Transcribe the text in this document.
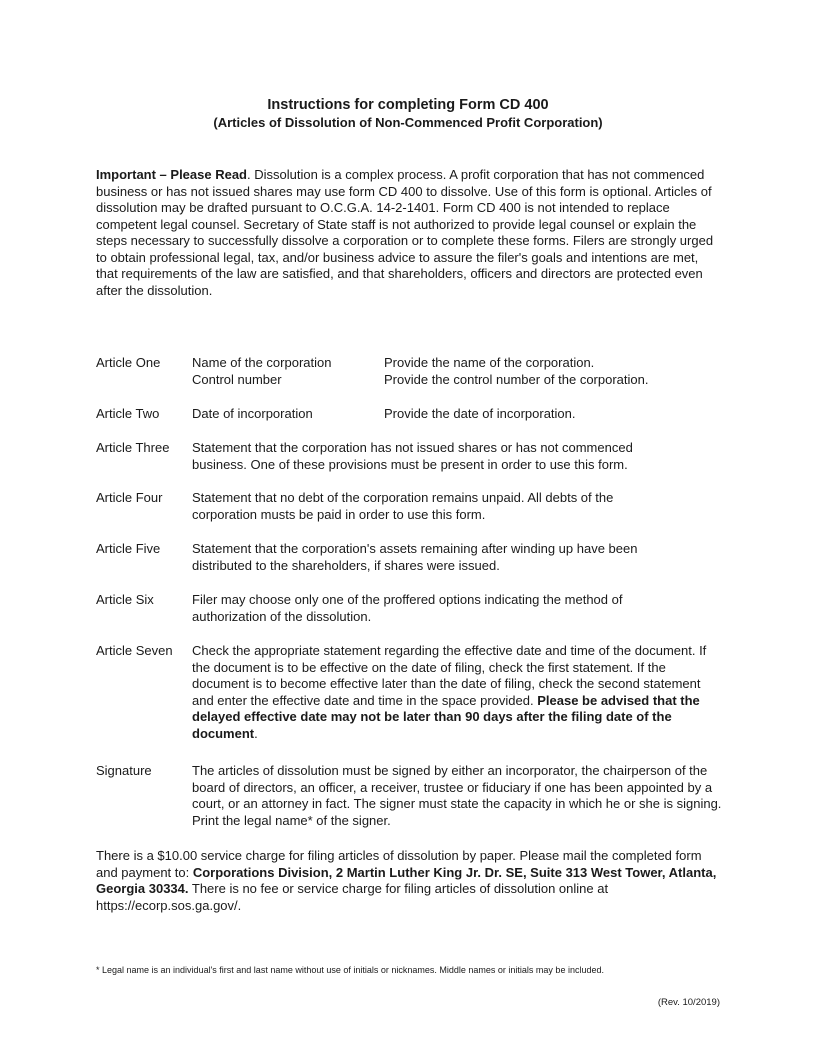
Instructions for completing Form CD 400
(Articles of Dissolution of Non-Commenced Profit Corporation)
Important – Please Read. Dissolution is a complex process. A profit corporation that has not commenced business or has not issued shares may use form CD 400 to dissolve. Use of this form is optional. Articles of dissolution may be drafted pursuant to O.C.G.A. 14-2-1401. Form CD 400 is not intended to replace competent legal counsel. Secretary of State staff is not authorized to provide legal counsel or explain the steps necessary to successfully dissolve a corporation or to complete these forms. Filers are strongly urged to obtain professional legal, tax, and/or business advice to assure the filer's goals and intentions are met, that requirements of the law are satisfied, and that shareholders, officers and directors are protected even after the dissolution.
Article One	Name of the corporation	Provide the name of the corporation.
Control number	Provide the control number of the corporation.
Article Two	Date of incorporation	Provide the date of incorporation.
Article Three	Statement that the corporation has not issued shares or has not commenced
business. One of these provisions must be present in order to use this form.
Article Four	Statement that no debt of the corporation remains unpaid. All debts of the
corporation musts be paid in order to use this form.
Article Five	Statement that the corporation's assets remaining after winding up have been
distributed to the shareholders, if shares were issued.
Article Six	Filer may choose only one of the proffered options indicating the method of
authorization of the dissolution.
Article Seven	Check the appropriate statement regarding the effective date and time of the document. If the document is to be effective on the date of filing, check the first statement. If the document is to become effective later than the date of filing, check the second statement and enter the effective date and time in the space provided. Please be advised that the delayed effective date may not be later than 90 days after the filing date of the document.
Signature	The articles of dissolution must be signed by either an incorporator, the chairperson of the board of directors, an officer, a receiver, trustee or fiduciary if one has been appointed by a court, or an attorney in fact. The signer must state the capacity in which he or she is signing. Print the legal name* of the signer.
There is a $10.00 service charge for filing articles of dissolution by paper. Please mail the completed form and payment to: Corporations Division, 2 Martin Luther King Jr. Dr. SE, Suite 313 West Tower, Atlanta, Georgia 30334. There is no fee or service charge for filing articles of dissolution online at https://ecorp.sos.ga.gov/.
* Legal name is an individual's first and last name without use of initials or nicknames. Middle names or initials may be included.
(Rev. 10/2019)
